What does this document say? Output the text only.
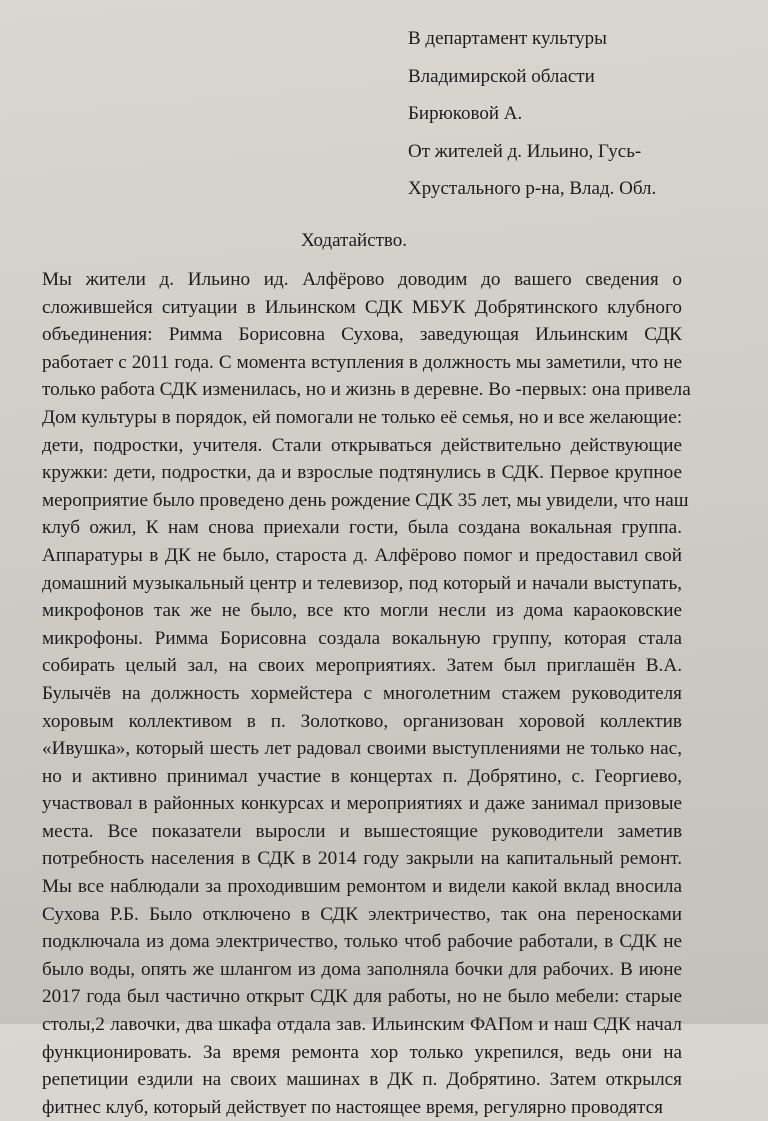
В департамент культуры
Владимирской области
Бирюковой А.
От жителей д. Ильино, Гусь-
Хрустального р-на, Влад. Обл.
Ходатайство.
Мы жители д. Ильино ид. Алфёрово доводим до вашего сведения о
сложившейся ситуации в Ильинском СДК МБУК Добрятинского клубного
объединения: Римма Борисовна Сухова, заведующая Ильинским СДК
работает с 2011 года. С момента вступления в должность мы заметили, что не
только работа СДК изменилась, но и жизнь в деревне. Во -первых: она привела
Дом культуры в порядок, ей помогали не только её семья, но и все желающие:
дети, подростки, учителя. Стали открываться действительно действующие
кружки: дети, подростки, да и взрослые подтянулись в СДК. Первое крупное
мероприятие было проведено день рождение СДК 35 лет, мы увидели, что наш
клуб ожил, К нам снова приехали гости, была создана вокальная группа.
Аппаратуры в ДК не было, староста д. Алфёрово помог и предоставил свой
домашний музыкальный центр и телевизор, под который и начали выступать,
микрофонов так же не было, все кто могли несли из дома караоковские
микрофоны. Римма Борисовна создала вокальную группу, которая стала
собирать целый зал, на своих мероприятиях. Затем был приглашён В.А.
Булычёв на должность хормейстера с многолетним стажем руководителя
хоровым коллективом в п. Золотково, организован хоровой коллектив
«Ивушка», который шесть лет радовал своими выступлениями не только нас,
но и активно принимал участие в концертах п. Добрятино, с. Георгиево,
участвовал в районных конкурсах и мероприятиях и даже занимал призовые
места. Все показатели выросли и вышестоящие руководители заметив
потребность населения в СДК в 2014 году закрыли на капитальный ремонт.
Мы все наблюдали за проходившим ремонтом и видели какой вклад вносила
Сухова Р.Б. Было отключено в СДК электричество, так она переносками
подключала из дома электричество, только чтоб рабочие работали, в СДК не
было воды, опять же шлангом из дома заполняла бочки для рабочих. В июне
2017 года был частично открыт СДК для работы, но не было мебели: старые
столы,2 лавочки, два шкафа отдала зав. Ильинским ФАПом и наш СДК начал
функционировать. За время ремонта хор только укрепился, ведь они на
репетиции ездили на своих машинах в ДК п. Добрятино. Затем открылся
фитнес клуб, который действует по настоящее время, регулярно проводятся
